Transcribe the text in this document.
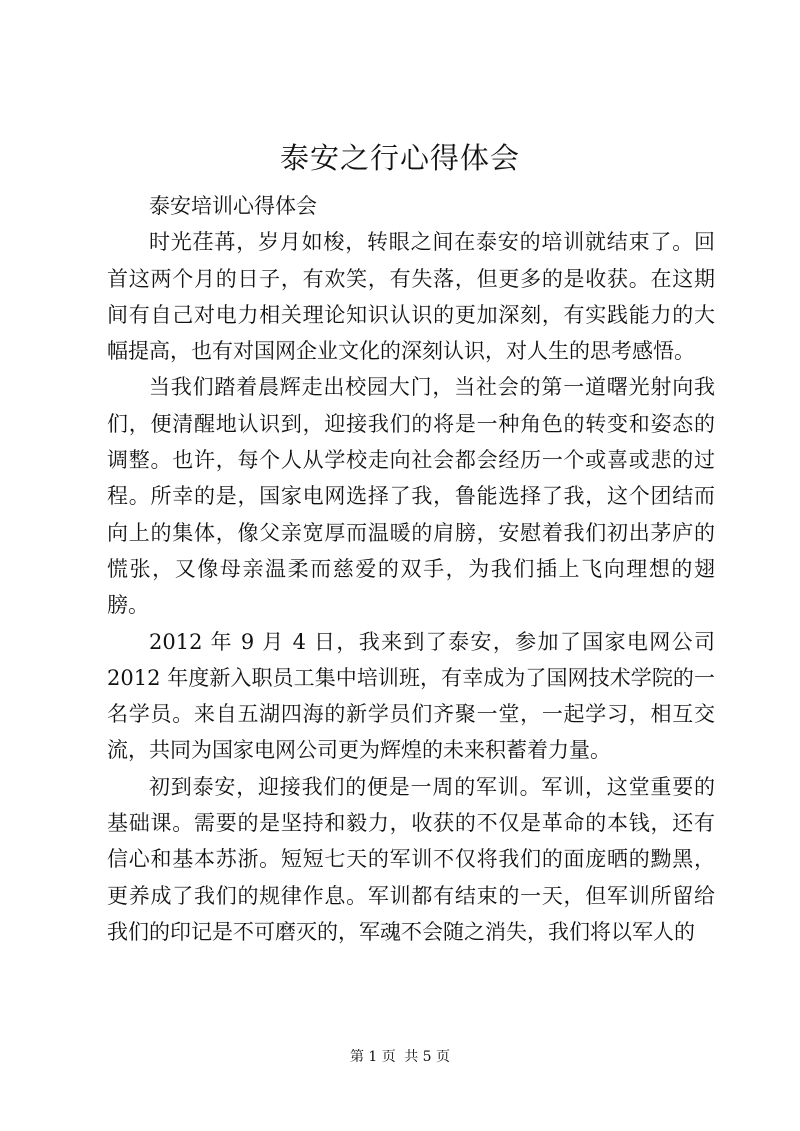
泰安之行心得体会

泰安培训心得体会

时光荏苒，岁月如梭，转眼之间在泰安的培训就结束了。回首这两个月的日子，有欢笑，有失落，但更多的是收获。在这期间有自己对电力相关理论知识认识的更加深刻，有实践能力的大幅提高，也有对国网企业文化的深刻认识，对人生的思考感悟。

当我们踏着晨辉走出校园大门，当社会的第一道曙光射向我们，便清醒地认识到，迎接我们的将是一种角色的转变和姿态的调整。也许，每个人从学校走向社会都会经历一个或喜或悲的过程。所幸的是，国家电网选择了我，鲁能选择了我，这个团结而向上的集体，像父亲宽厚而温暖的肩膀，安慰着我们初出茅庐的慌张，又像母亲温柔而慈爱的双手，为我们插上飞向理想的翅膀。

2012 年 9 月 4 日，我来到了泰安，参加了国家电网公司 2012 年度新入职员工集中培训班，有幸成为了国网技术学院的一名学员。来自五湖四海的新学员们齐聚一堂，一起学习，相互交流，共同为国家电网公司更为辉煌的未来积蓄着力量。

初到泰安，迎接我们的便是一周的军训。军训，这堂重要的基础课。需要的是坚持和毅力，收获的不仅是革命的本钱，还有信心和基本苏浙。短短七天的军训不仅将我们的面庞晒的黝黑，更养成了我们的规律作息。军训都有结束的一天，但军训所留给我们的印记是不可磨灭的，军魂不会随之消失，我们将以军人的

第 1 页 共 5 页
